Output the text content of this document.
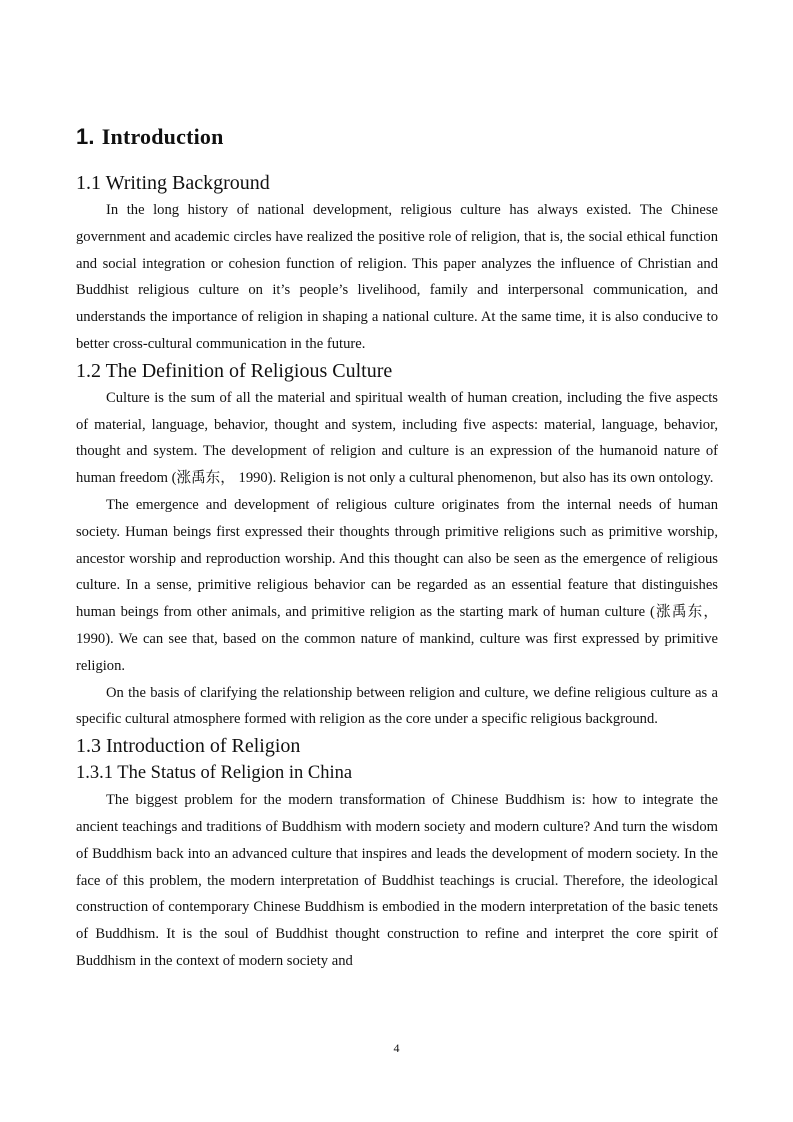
1. Introduction
1.1 Writing Background

In the long history of national development, religious culture has always existed. The Chinese government and academic circles have realized the positive role of religion, that is, the social ethical function and social integration or cohesion function of religion. This paper analyzes the influence of Christian and Buddhist religious culture on it’s people’s livelihood, family and interpersonal communication, and understands the importance of religion in shaping a national culture. At the same time, it is also conducive to better cross-cultural communication in the future.

1.2 The Definition of Religious Culture

Culture is the sum of all the material and spiritual wealth of human creation, including the five aspects of material, language, behavior, thought and system, including five aspects: material, language, behavior, thought and system. The development of religion and culture is an expression of the humanoid nature of human freedom (涨禹东， 1990). Religion is not only a cultural phenomenon, but also has its own ontology.

The emergence and development of religious culture originates from the internal needs of human society. Human beings first expressed their thoughts through primitive religions such as primitive worship, ancestor worship and reproduction worship. And this thought can also be seen as the emergence of religious culture. In a sense, primitive religious behavior can be regarded as an essential feature that distinguishes human beings from other animals, and primitive religion as the starting mark of human culture (涨禹东，1990). We can see that, based on the common nature of mankind, culture was first expressed by primitive religion.

On the basis of clarifying the relationship between religion and culture, we define religious culture as a specific cultural atmosphere formed with religion as the core under a specific religious background.

1.3 Introduction of Religion
1.3.1 The Status of Religion in China

The biggest problem for the modern transformation of Chinese Buddhism is: how to integrate the ancient teachings and traditions of Buddhism with modern society and modern culture? And turn the wisdom of Buddhism back into an advanced culture that inspires and leads the development of modern society. In the face of this problem, the modern interpretation of Buddhist teachings is crucial. Therefore, the ideological construction of contemporary Chinese Buddhism is embodied in the modern interpretation of the basic tenets of Buddhism. It is the soul of Buddhist thought construction to refine and interpret the core spirit of Buddhism in the context of modern society and

4
